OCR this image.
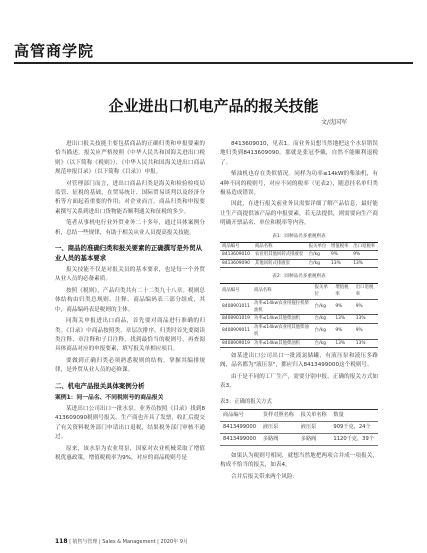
高管商学院
企业进出口机电产品的报关技能
文/沈国军

进出口报关技能主要包括商品的正确归类和申报要素的恰当描述。报关应严格按照《中华人民共和国海关进出口税则》（以下简称《税则》）、《中华人民共和国海关进出口商品规范申报目录》（以下简称《目录》）申报。

对管理部门而言，进出口商品归类是海关和检验检疫局监管、征税的基础，在贸易统计、国际贸易谈判以及经济分析等方面起着重要的作用；对企业而言，商品归类和申报要素撰写关系到进出口货物能否顺利通关和征税的多少。

笔者从事机电行业外贸业务二十多年，通过具体案例分析，总结一些规律，有助于相关从业人员提高报关技能。

一、商品的准确归类和报关要素的正确撰写是外贸从业人员的基本要求

报关技能不仅是对报关员的基本要求，也是每一个外贸从业人员的必备素质。

按照《税则》，产品归类共有二十二类九十八章。税则总体结构由归类总规则、注释、商品编码表三部分组成，其中，商品编码表是税则的主体。

同海关申报进出口商品，首先要对商品进行准确的归类。《目录》中商品按照类、章层次排序，归类时首先要阅读类注释、章注释和子目注释，找到最恰当的税则号，再查阅具体商品对应的申报要素，填写报关单相应项目。

要做到正确归类必须熟悉税则的结构，掌握其编排规律，是外贸从业人员的必修课。

二、机电产品报关具体案例分析
案例1：同一品名、不同税则号的商品报关

某进出口公司出口一批水泵。业务员按照《目录》找到8413609090税则号报关，生产商也开具了发票，收汇后提交了有关资料税务部门申请出口退税，结果税务部门审核不通过。

原来，该水泵为农业用泵，国家对农业机械采取了增值税优惠政策，增值税税率为9%，对应的商品税则号是

8413609010，见表1。而业务员想当然地把这个水泵错误地归类到8413609090。那就是张冠李戴，自然不能顺利退税了。

柴油机也存在类似情况。同样为功率≤14kW的柴油机，有4种不同的税则号，对应不同的税率（见表2），随意挂名单归类极易造成错误。

因此，在进行报关前业务员需要详细了解产品信息，最好能让生产商提供该产品的申报要素，若无法提供，则需要向生产商明确开票品名、单位和税率等内容。

表1：同种品名多重税则表
商品编号	商品名称	报关单位	增值税率	出口退税率
8413609010	农业用其他回转式排液泵	台/kg	9%	9%
8413609090	其他回转式排液泵	台/kg	13%	13%
表2：同种品名多重税则表
商品编号	商品名称	报关单位	增值税率	出口退税率
8408901011	功率≤14kw农业用拖拉机柴油机	台/kg	9%	9%
8408901019	功率≤14kw其他柴油机	台/kg	13%	13%
8408909011	功率≤14kw农业用其他柴油机	台/kg	9%	9%
8408909019	功率≤14kw其他柴油机	台/kg	13%	13%

如某进出口公司出口一批液氮储罐，有液压泵和液压多路阀，品名都为"液压泵"，都应归入8413499000这个税则号。

由于是不同的工厂生产，需要分别申报，正确的报关方式如表3。

表3：正确的报关方式
商品编号	货样对照名称	报关单名称	数量
8413499000	液压泵	液压泵	909千克，24个
8413499000	多路阀	多路阀	1120千克，39个

如果认为税则号相同，就想当然地把两项合并成一项报关，构成不恰当的报关，如表4。

合并后报关带来两个风险：

118 | 销售与管理 | Sales & Management | 2020年 9月
